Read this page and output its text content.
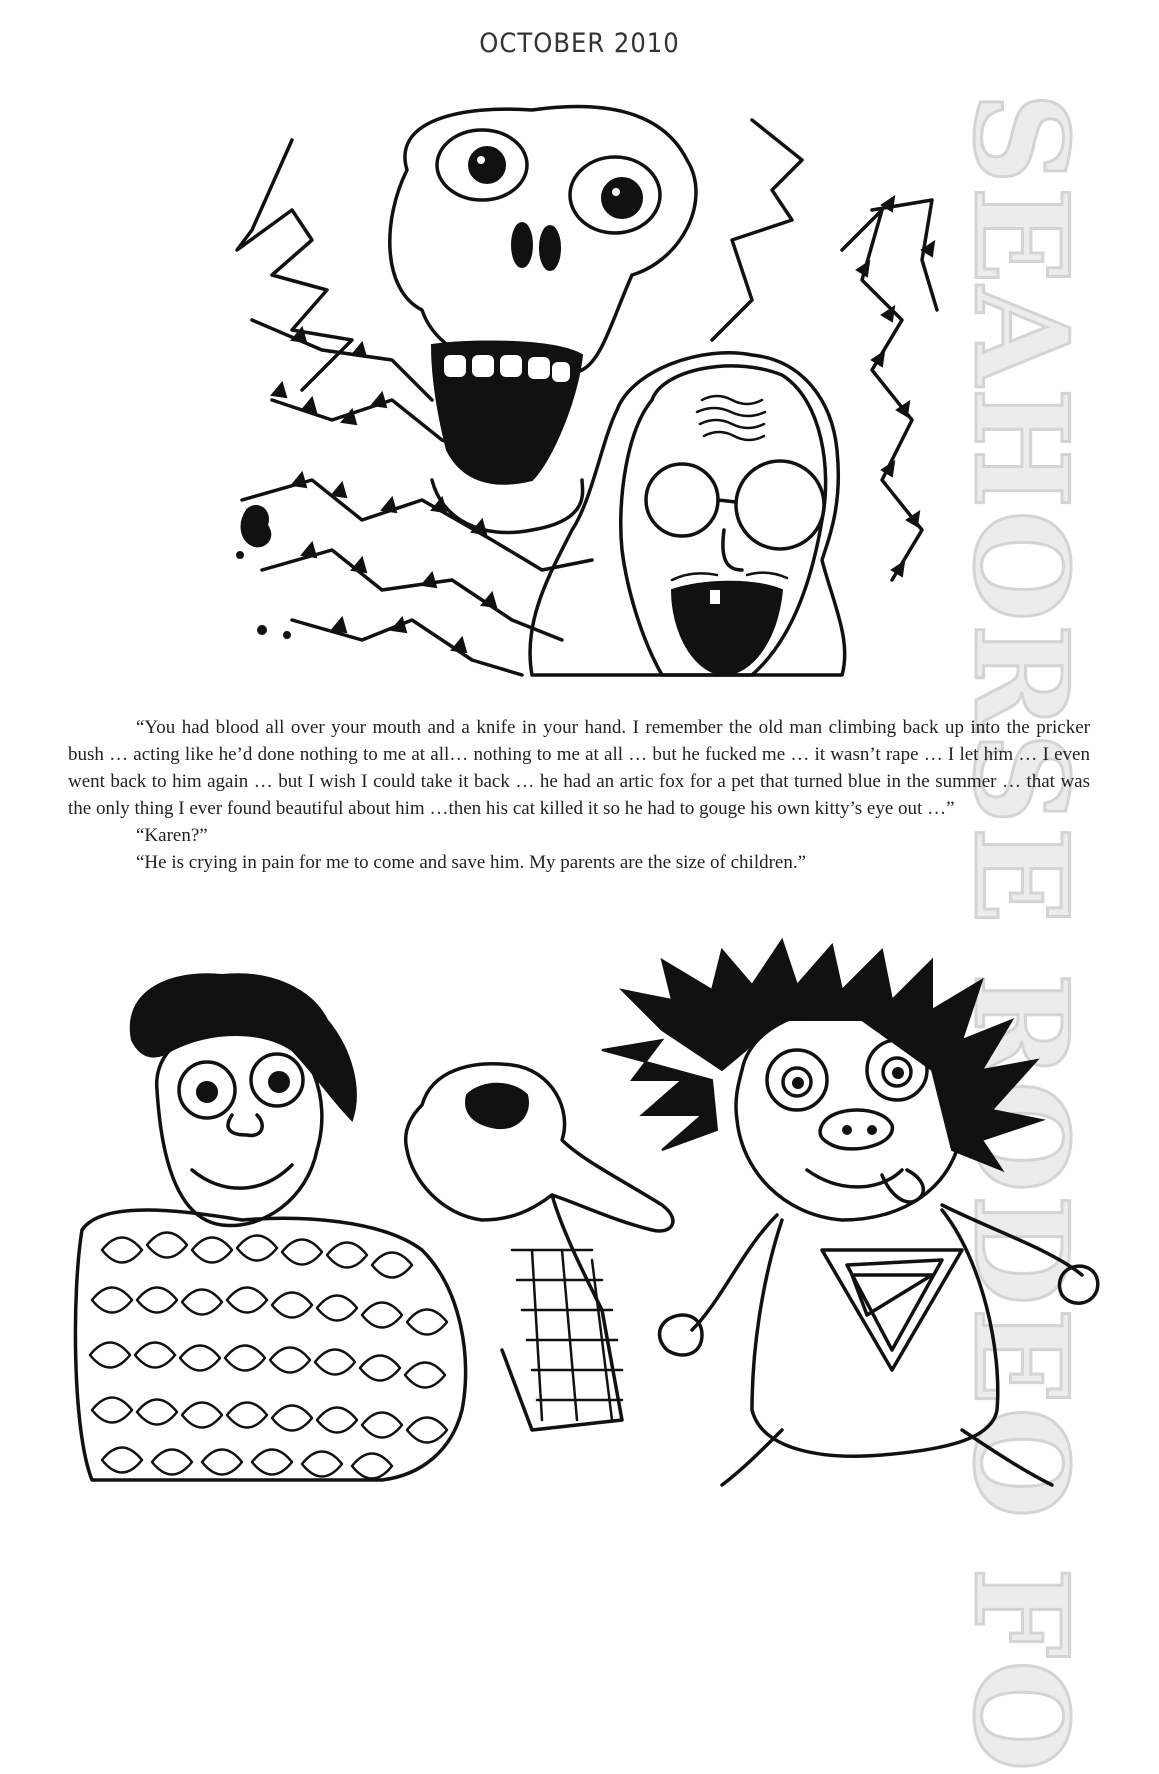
OCTOBER 2010
SEAHORSE RODEO FO

“You had blood all over your mouth and a knife in your hand. I remember the old man climbing back up into the pricker bush … acting like he’d done nothing to me at all… nothing to me at all … but he fucked me … it wasn’t rape … I let him … I even went back to him again … but I wish I could take it back … he had an artic fox for a pet that turned blue in the summer … that was the only thing I ever found beautiful about him …then his cat killed it so he had to gouge his own kitty’s eye out …”

“Karen?”

“He is crying in pain for me to come and save him. My parents are the size of children.”
